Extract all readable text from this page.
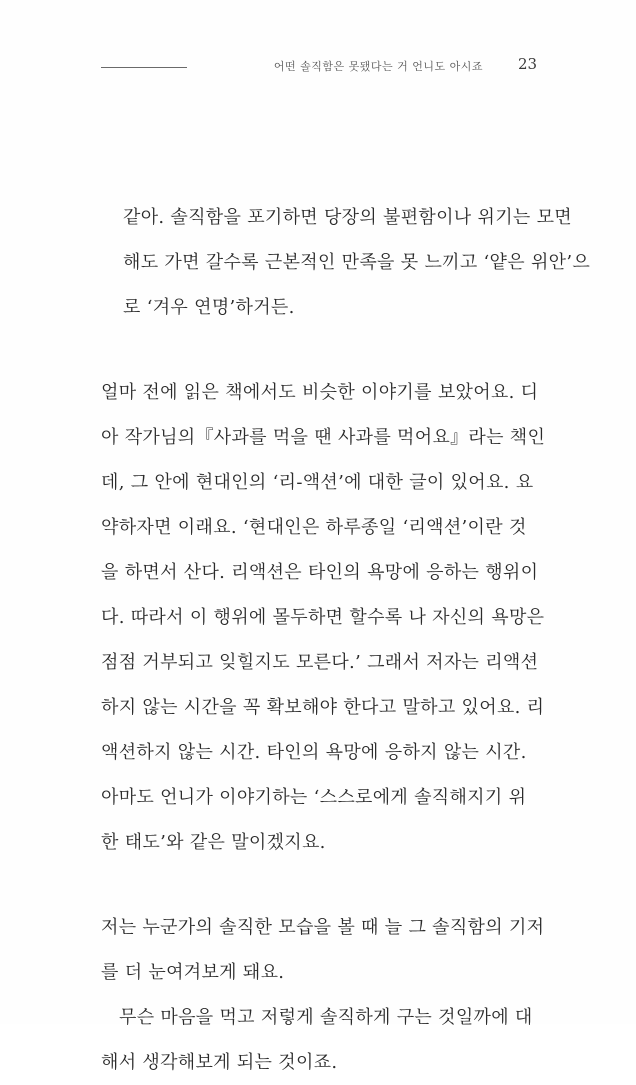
어떤 솔직함은 못됐다는 거 언니도 아시죠 23
같아. 솔직함을 포기하면 당장의 불편함이나 위기는 모면
해도 가면 갈수록 근본적인 만족을 못 느끼고 ‘얕은 위안’으
로 ‘겨우 연명’하거든.
얼마 전에 읽은 책에서도 비슷한 이야기를 보았어요. 디
아 작가님의『사과를 먹을 땐 사과를 먹어요』라는 책인
데, 그 안에 현대인의 ‘리-액션’에 대한 글이 있어요. 요
약하자면 이래요. ‘현대인은 하루종일 ‘리액션’이란 것
을 하면서 산다. 리액션은 타인의 욕망에 응하는 행위이
다. 따라서 이 행위에 몰두하면 할수록 나 자신의 욕망은
점점 거부되고 잊힐지도 모른다.’ 그래서 저자는 리액션
하지 않는 시간을 꼭 확보해야 한다고 말하고 있어요. 리
액션하지 않는 시간. 타인의 욕망에 응하지 않는 시간.
아마도 언니가 이야기하는 ‘스스로에게 솔직해지기 위
한 태도’와 같은 말이겠지요.
저는 누군가의 솔직한 모습을 볼 때 늘 그 솔직함의 기저
를 더 눈여겨보게 돼요.
무슨 마음을 먹고 저렇게 솔직하게 구는 것일까에 대
해서 생각해보게 되는 것이죠.
